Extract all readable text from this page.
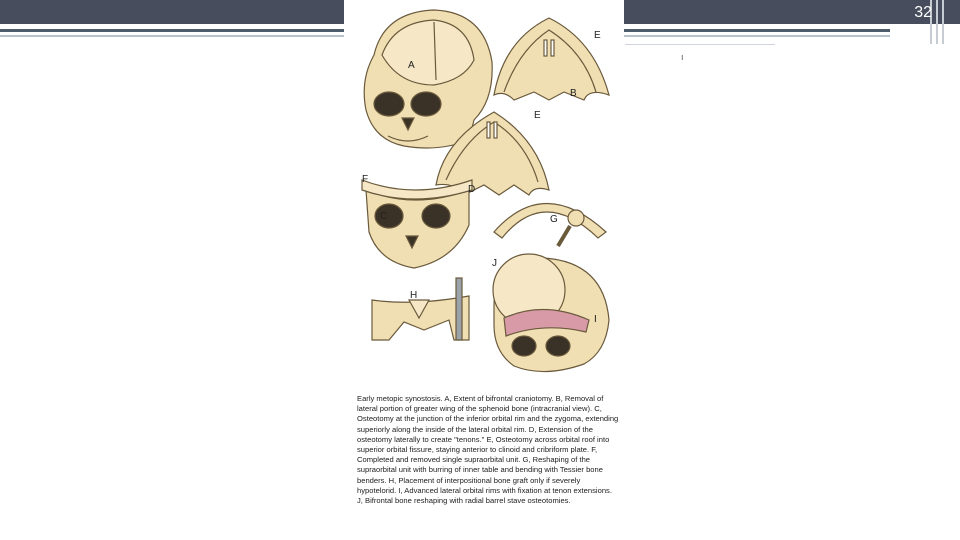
32
ı
A
B
E
E
F
D
C	G
J
H
I
Early metopic synostosis. A, Extent of bifrontal craniotomy. B, Removal of lateral portion of greater wing of the sphenoid bone (intracranial view). C, Osteotomy at the junction of the inferior orbital rim and the zygoma, extending superiorly along the inside of the lateral orbital rim. D, Extension of the osteotomy laterally to create "tenons." E, Osteotomy across orbital roof into superior orbital fissure, staying anterior to clinoid and cribriform plate. F, Completed and removed single supraorbital unit. G, Reshaping of the supraorbital unit with burring of inner table and bending with Tessier bone benders. H, Placement of interpositional bone graft only if severely hypotelorid. I, Advanced lateral orbital rims with fixation at tenon extensions. J, Bifrontal bone reshaping with radial barrel stave osteotomies.
